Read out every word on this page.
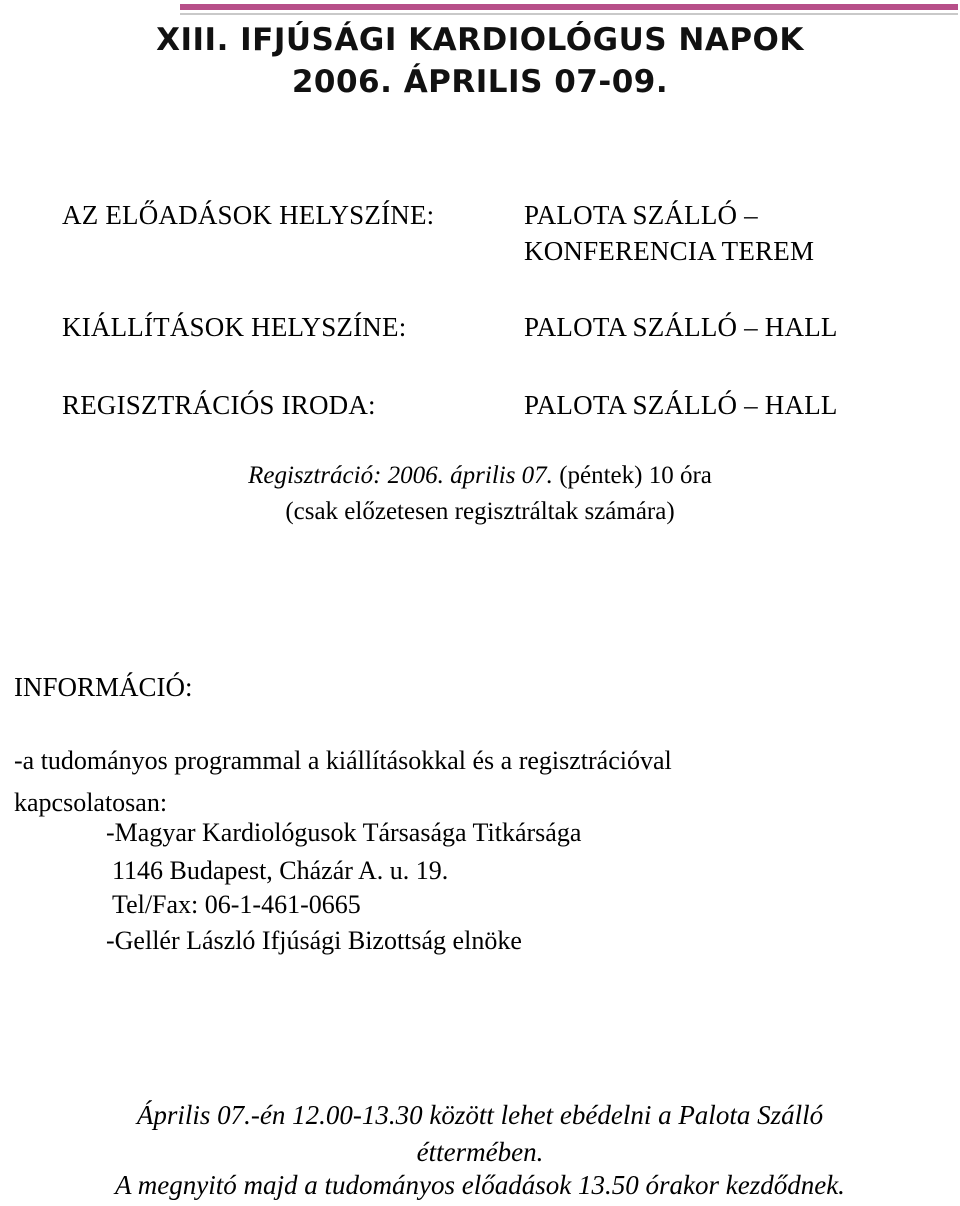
XIII. IFJÚSÁGI KARDIOLÓGUS NAPOK
2006. ÁPRILIS 07-09.
AZ ELŐADÁSOK HELYSZÍNE:	PALOTA SZÁLLÓ –
KONFERENCIA TEREM
KIÁLLÍTÁSOK HELYSZÍNE:	PALOTA SZÁLLÓ – HALL
REGISZTRÁCIÓS IRODA:	PALOTA SZÁLLÓ – HALL
Regisztráció: 2006. április 07. (péntek) 10 óra
(csak előzetesen regisztráltak számára)
INFORMÁCIÓ:
-a tudományos programmal a kiállításokkal és a regisztrációval
kapcsolatosan:
-Magyar Kardiológusok Társasága Titkársága
1146 Budapest, Cházár A. u. 19.
Tel/Fax: 06-1-461-0665
-Gellér László Ifjúsági Bizottság elnöke
Április 07.-én 12.00-13.30 között lehet ebédelni a Palota Szálló
éttermében.
A megnyitó majd a tudományos előadások 13.50 órakor kezdődnek.
